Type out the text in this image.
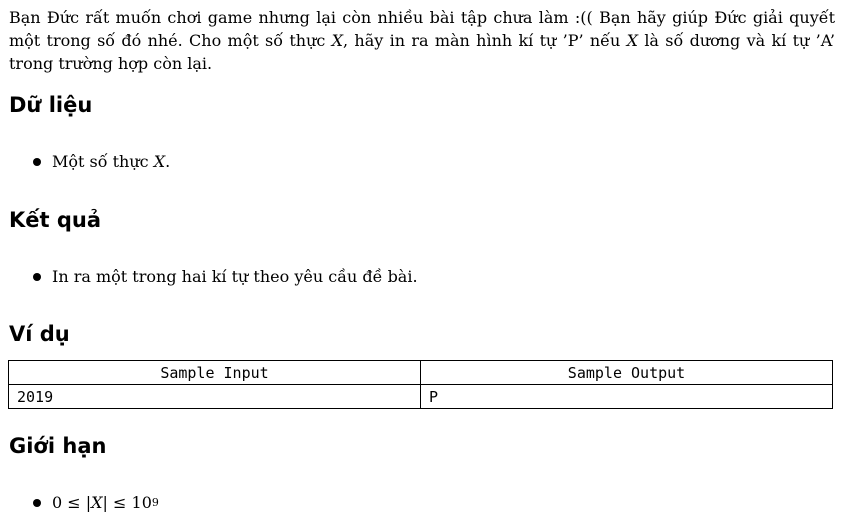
Bạn Đức rất muốn chơi game nhưng lại còn nhiều bài tập chưa làm :(( Bạn hãy giúp Đức giải quyết một trong số đó nhé. Cho một số thực X, hãy in ra màn hình kí tự ’P’ nếu X là số dương và kí tự ’A’ trong trường hợp còn lại.
Dữ liệu
Một số thực
X .
Kết quả
In ra một trong hai kí tự theo yêu cầu đề bài.
Ví dụ
Sample Input	Sample Output
2019	P
Giới hạn
0 ≤ | X | ≤ 10 9
